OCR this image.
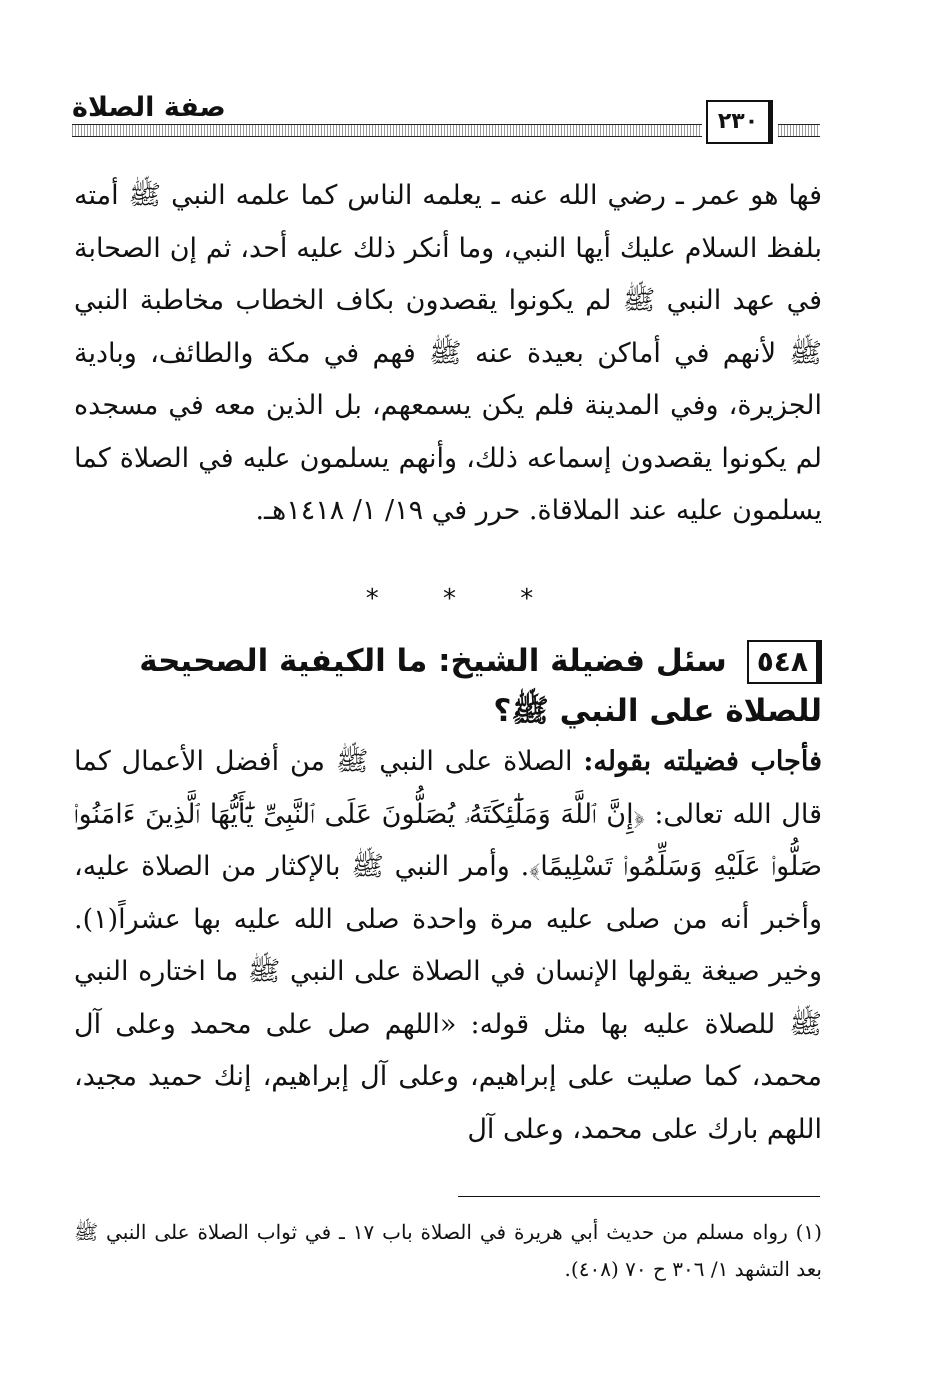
صفة الصلاة	٢٣٠

فها هو عمر ـ رضي الله عنه ـ يعلمه الناس كما علمه النبي ﷺ أمته بلفظ السلام عليك أيها النبي، وما أنكر ذلك عليه أحد، ثم إن الصحابة في عهد النبي ﷺ لم يكونوا يقصدون بكاف الخطاب مخاطبة النبي ﷺ لأنهم في أماكن بعيدة عنه ﷺ فهم في مكة والطائف، وبادية الجزيرة، وفي المدينة فلم يكن يسمعهم، بل الذين معه في مسجده لم يكونوا يقصدون إسماعه ذلك، وأنهم يسلمون عليه في الصلاة كما يسلمون عليه عند الملاقاة. حرر في ١٩/ ١/ ١٤١٨هـ.

* * *
٥٤٨سئل فضيلة الشيخ: ما الكيفية الصحيحة للصلاة على النبي ﷺ؟

فأجاب فضيلته بقوله: الصلاة على النبي ﷺ من أفضل الأعمال كما قال الله تعالى: ﴿إِنَّ ٱللَّهَ وَمَلَٰٓئِكَتَهُۥ يُصَلُّونَ عَلَى ٱلنَّبِىِّ يَٰٓأَيُّهَا ٱلَّذِينَ ءَامَنُوا۟ صَلُّوا۟ عَلَيْهِ وَسَلِّمُوا۟ تَسْلِيمًا﴾. وأمر النبي ﷺ بالإكثار من الصلاة عليه، وأخبر أنه من صلى عليه مرة واحدة صلى الله عليه بها عشراً(١). وخير صيغة يقولها الإنسان في الصلاة على النبي ﷺ ما اختاره النبي ﷺ للصلاة عليه بها مثل قوله: «اللهم صل على محمد وعلى آل محمد، كما صليت على إبراهيم، وعلى آل إبراهيم، إنك حميد مجيد، اللهم بارك على محمد، وعلى آل

(١) رواه مسلم من حديث أبي هريرة في الصلاة باب ١٧ ـ في ثواب الصلاة على النبي ﷺ بعد التشهد ١/ ٣٠٦ ح ٧٠ (٤٠٨).
